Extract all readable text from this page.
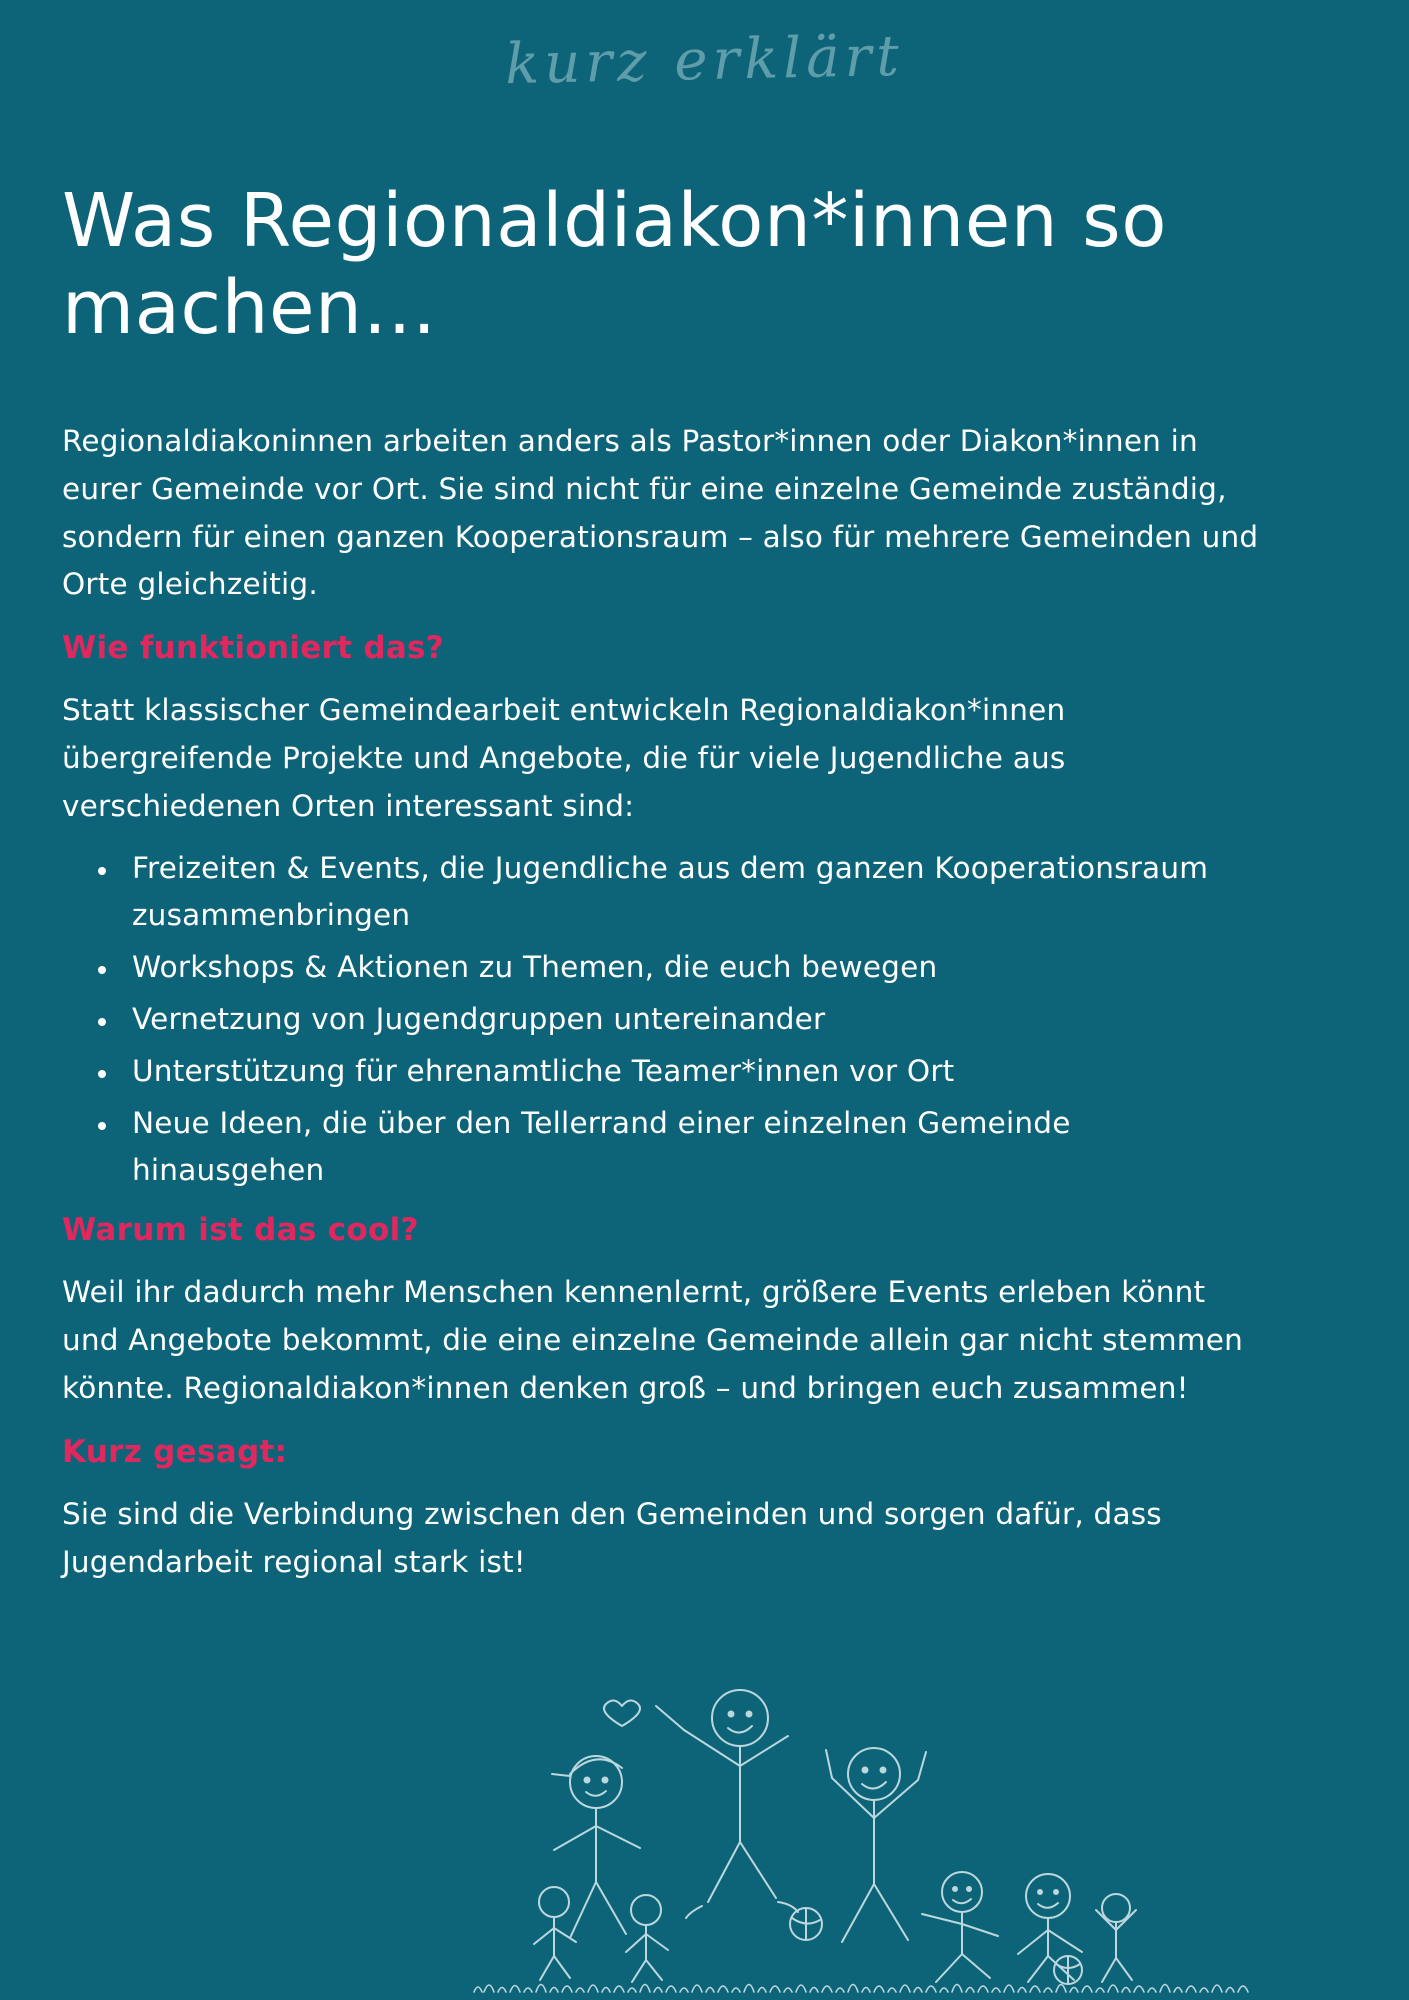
kurz erklärt
Was Regionaldiakon*innen so machen…

Regionaldiakoninnen arbeiten anders als Pastor*innen oder Diakon*innen in eurer Gemeinde vor Ort. Sie sind nicht für eine einzelne Gemeinde zuständig, sondern für einen ganzen Kooperationsraum – also für mehrere Gemeinden und Orte gleichzeitig.

Wie funktioniert das?

Statt klassischer Gemeindearbeit entwickeln Regionaldiakon*innen übergreifende Projekte und Angebote, die für viele Jugendliche aus verschiedenen Orten interessant sind:

• Freizeiten & Events, die Jugendliche aus dem ganzen Kooperationsraum zusammenbringen
• Workshops & Aktionen zu Themen, die euch bewegen
• Vernetzung von Jugendgruppen untereinander
• Unterstützung für ehrenamtliche Teamer*innen vor Ort
• Neue Ideen, die über den Tellerrand einer einzelnen Gemeinde hinausgehen
Warum ist das cool?

Weil ihr dadurch mehr Menschen kennenlernt, größere Events erleben könnt und Angebote bekommt, die eine einzelne Gemeinde allein gar nicht stemmen könnte. Regionaldiakon*innen denken groß – und bringen euch zusammen!

Kurz gesagt:

Sie sind die Verbindung zwischen den Gemeinden und sorgen dafür, dass Jugendarbeit regional stark ist!
